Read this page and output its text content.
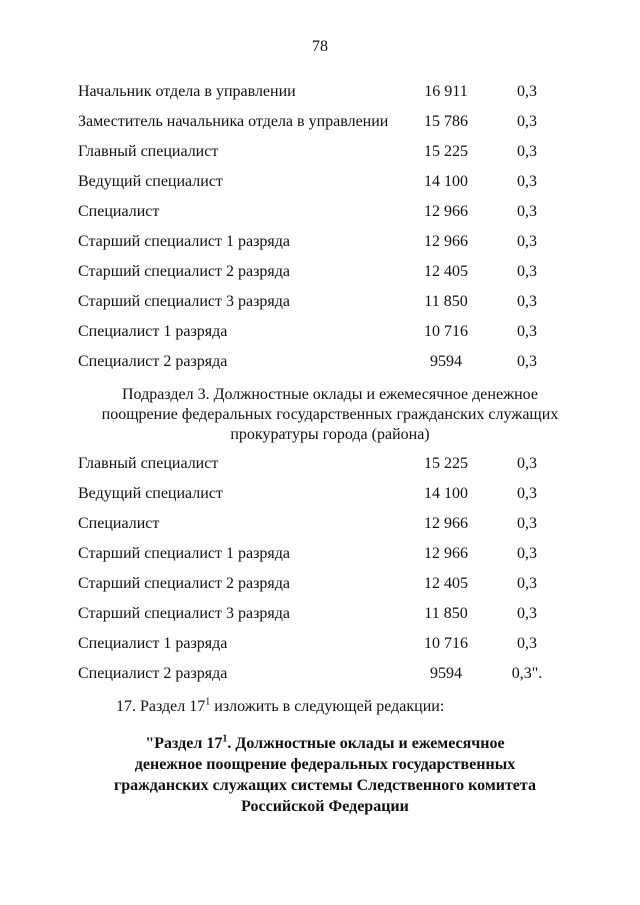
78
Начальник отдела в управлении	16 911	0,3
Заместитель начальника отдела в управлении	15 786	0,3
Главный специалист	15 225	0,3
Ведущий специалист	14 100	0,3
Специалист	12 966	0,3
Старший специалист 1 разряда	12 966	0,3
Старший специалист 2 разряда	12 405	0,3
Старший специалист 3 разряда	11 850	0,3
Специалист 1 разряда	10 716	0,3
Специалист 2 разряда	9594	0,3
Подраздел 3. Должностные оклады и ежемесячное денежное
поощрение федеральных государственных гражданских служащих
прокуратуры города (района)
Главный специалист	15 225	0,3
Ведущий специалист	14 100	0,3
Специалист	12 966	0,3
Старший специалист 1 разряда	12 966	0,3
Старший специалист 2 разряда	12 405	0,3
Старший специалист 3 разряда	11 850	0,3
Специалист 1 разряда	10 716	0,3
Специалист 2 разряда	9594	0,3".
17. Раздел $17^1$ изложить в следующей редакции:
"Раздел $17^1$. Должностные оклады и ежемесячное
денежное поощрение федеральных государственных
гражданских служащих системы Следственного комитета
Российской Федерации
